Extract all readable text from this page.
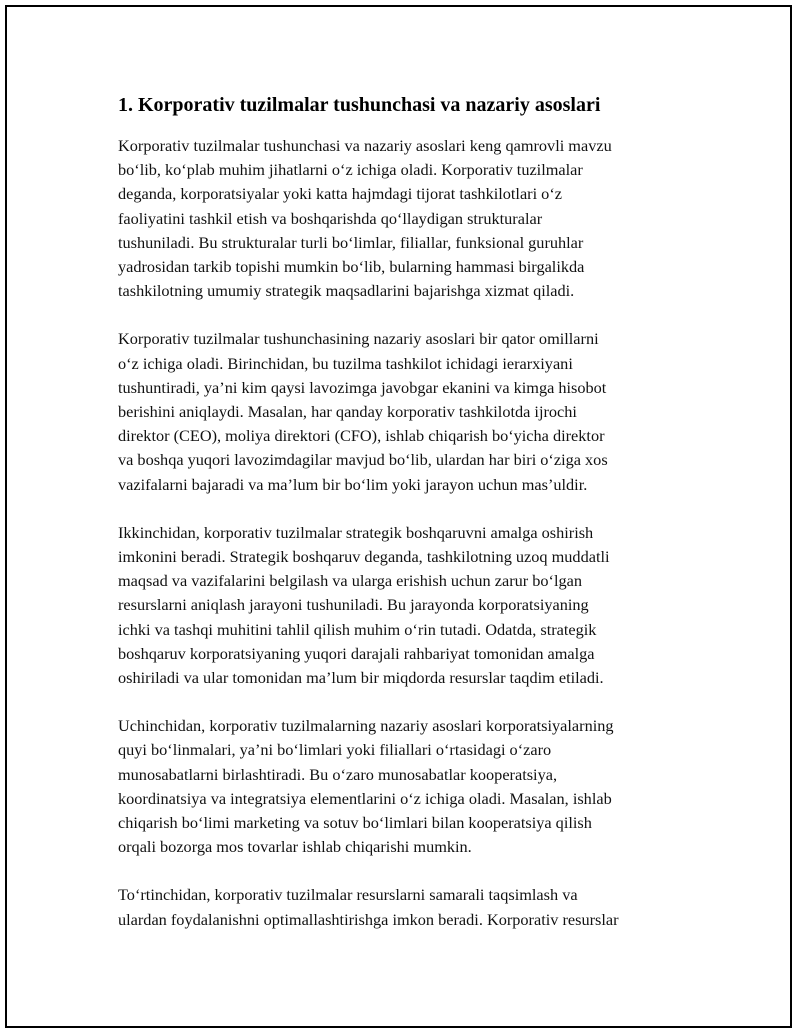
1. Korporativ tuzilmalar tushunchasi va nazariy asoslari

Korporativ tuzilmalar tushunchasi va nazariy asoslari keng qamrovli mavzu
bo‘lib, ko‘plab muhim jihatlarni o‘z ichiga oladi. Korporativ tuzilmalar
deganda, korporatsiyalar yoki katta hajmdagi tijorat tashkilotlari o‘z
faoliyatini tashkil etish va boshqarishda qo‘llaydigan strukturalar
tushuniladi. Bu strukturalar turli bo‘limlar, filiallar, funksional guruhlar
yadrosidan tarkib topishi mumkin bo‘lib, bularning hammasi birgalikda
tashkilotning umumiy strategik maqsadlarini bajarishga xizmat qiladi.

Korporativ tuzilmalar tushunchasining nazariy asoslari bir qator omillarni
o‘z ichiga oladi. Birinchidan, bu tuzilma tashkilot ichidagi ierarxiyani
tushuntiradi, ya’ni kim qaysi lavozimga javobgar ekanini va kimga hisobot
berishini aniqlaydi. Masalan, har qanday korporativ tashkilotda ijrochi
direktor (CEO), moliya direktori (CFO), ishlab chiqarish bo‘yicha direktor
va boshqa yuqori lavozimdagilar mavjud bo‘lib, ulardan har biri o‘ziga xos
vazifalarni bajaradi va ma’lum bir bo‘lim yoki jarayon uchun mas’uldir.

Ikkinchidan, korporativ tuzilmalar strategik boshqaruvni amalga oshirish
imkonini beradi. Strategik boshqaruv deganda, tashkilotning uzoq muddatli
maqsad va vazifalarini belgilash va ularga erishish uchun zarur bo‘lgan
resurslarni aniqlash jarayoni tushuniladi. Bu jarayonda korporatsiyaning
ichki va tashqi muhitini tahlil qilish muhim o‘rin tutadi. Odatda, strategik
boshqaruv korporatsiyaning yuqori darajali rahbariyat tomonidan amalga
oshiriladi va ular tomonidan ma’lum bir miqdorda resurslar taqdim etiladi.

Uchinchidan, korporativ tuzilmalarning nazariy asoslari korporatsiyalarning
quyi bo‘linmalari, ya’ni bo‘limlari yoki filiallari o‘rtasidagi o‘zaro
munosabatlarni birlashtiradi. Bu o‘zaro munosabatlar kooperatsiya,
koordinatsiya va integratsiya elementlarini o‘z ichiga oladi. Masalan, ishlab
chiqarish bo‘limi marketing va sotuv bo‘limlari bilan kooperatsiya qilish
orqali bozorga mos tovarlar ishlab chiqarishi mumkin.

To‘rtinchidan, korporativ tuzilmalar resurslarni samarali taqsimlash va
ulardan foydalanishni optimallashtirishga imkon beradi. Korporativ resurslar
